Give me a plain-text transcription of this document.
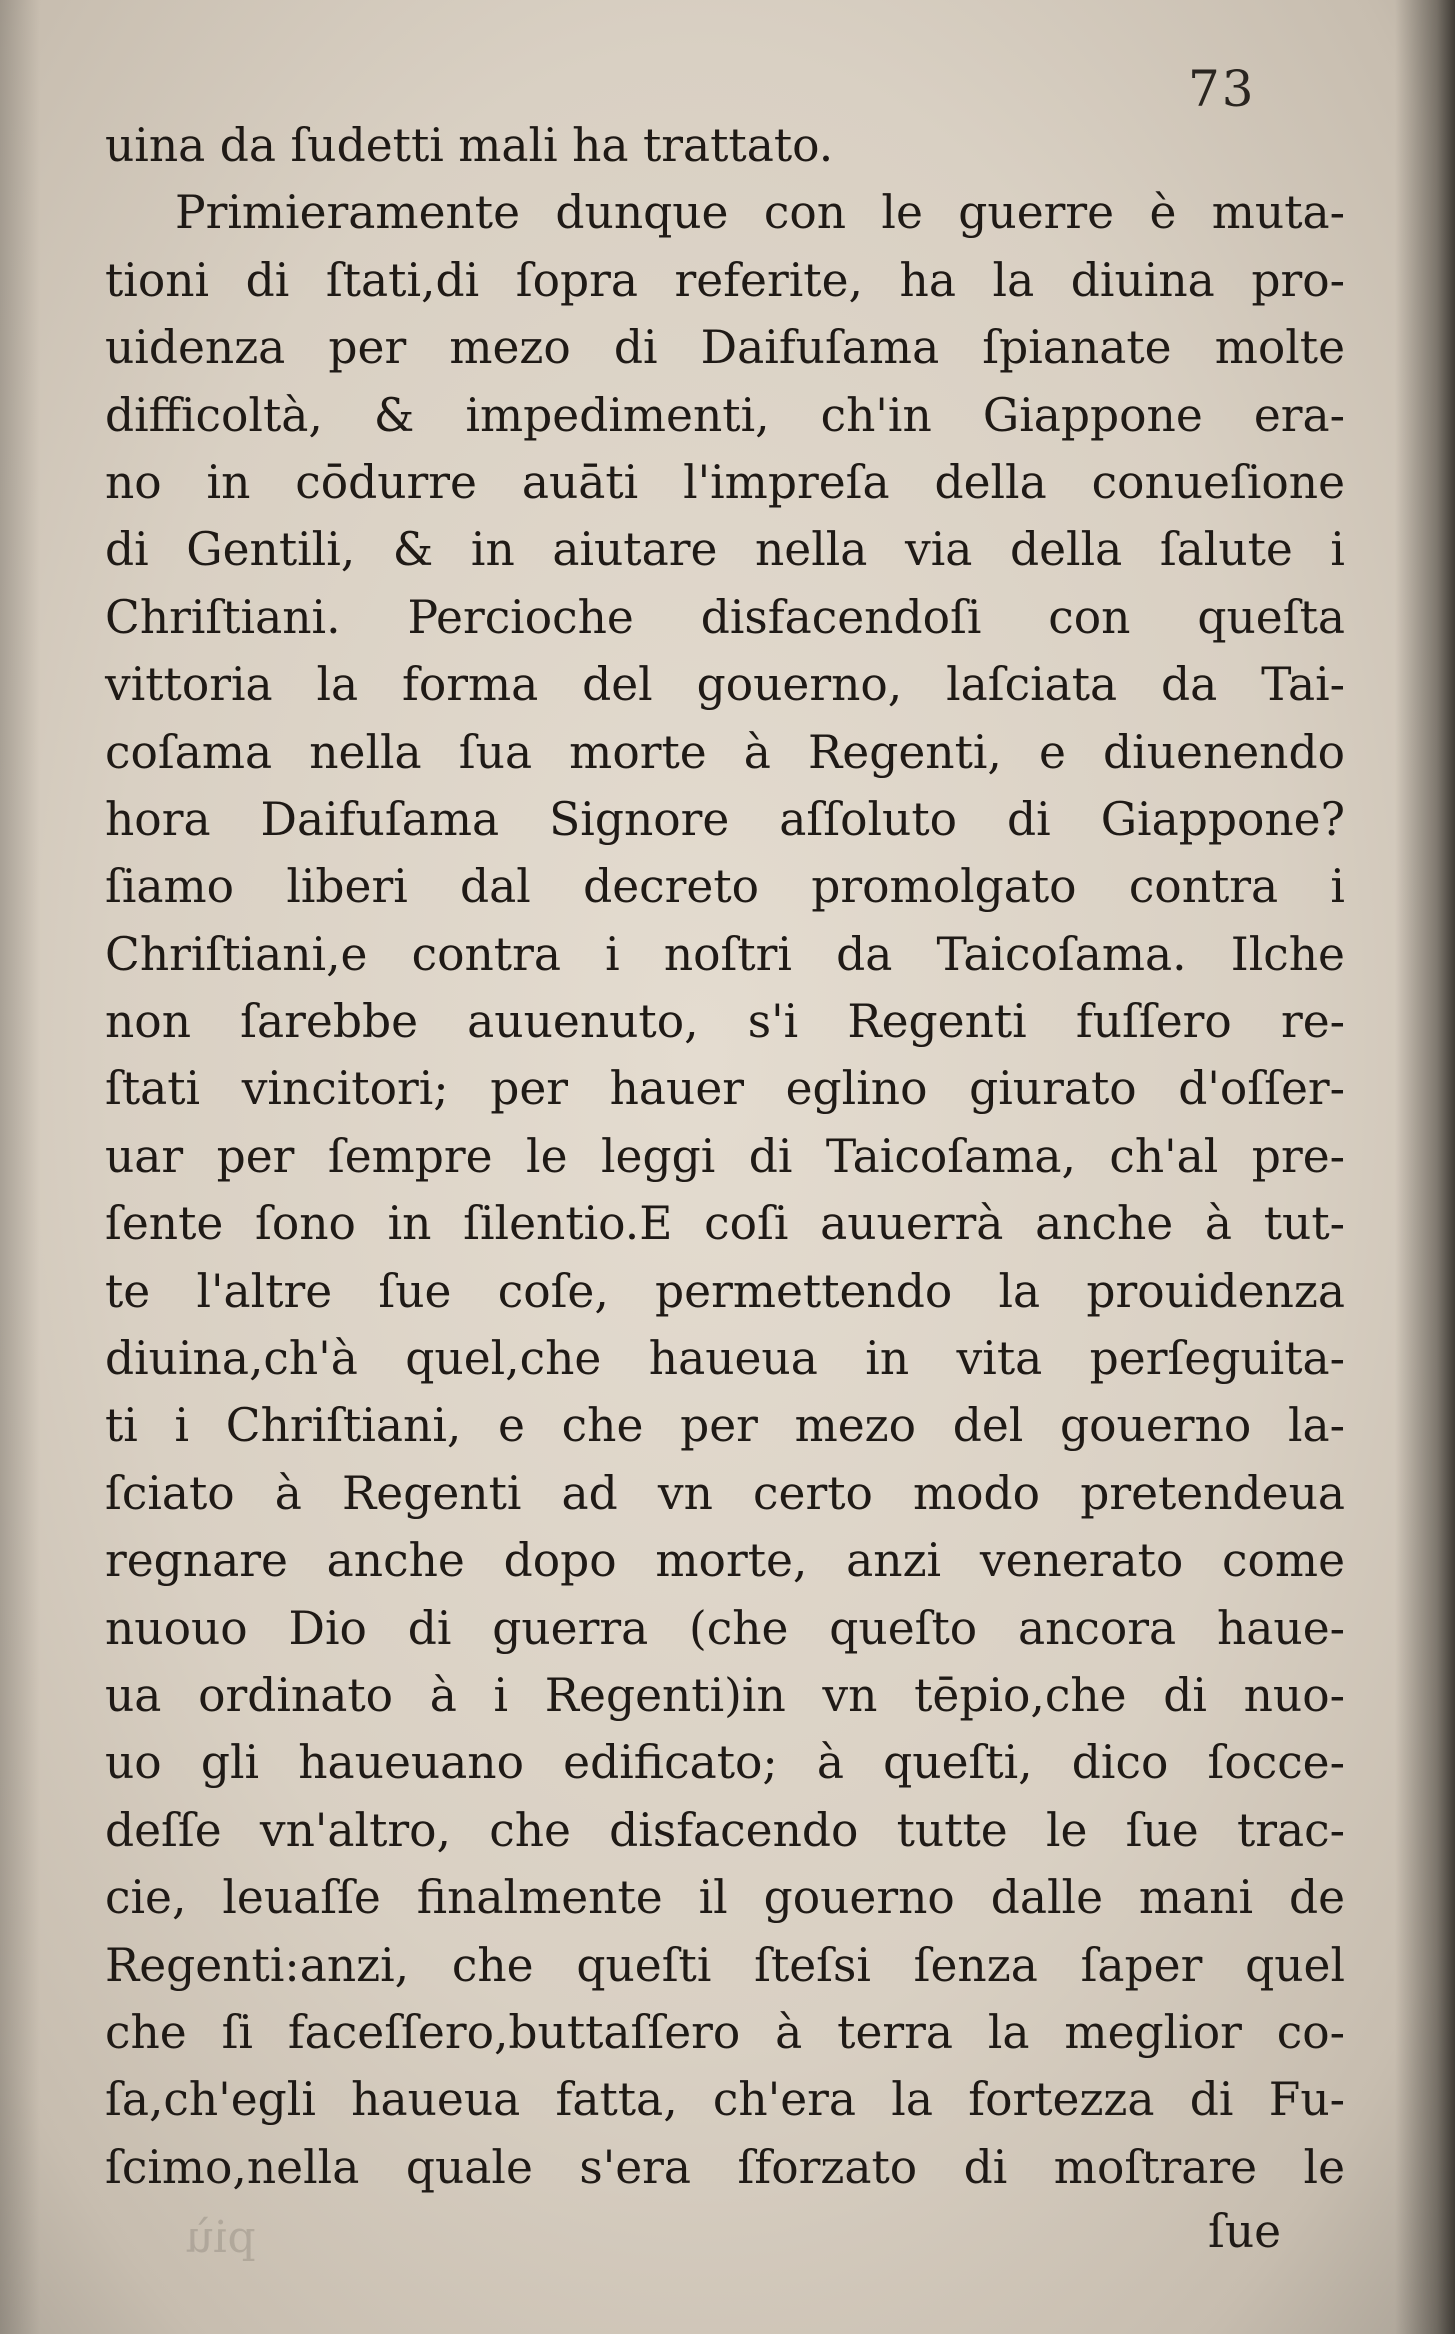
73
uina da ſudetti mali ha trattato.
Primieramente dunque con le guerre è muta-
tioni di ſtati,di ſopra referite, ha la diuina pro-
uidenza per mezo di Daifuſama ſpianate molte
difficoltà, & impedimenti, ch'in Giappone era-
no in cōdurre auāti l'impreſa della conueſione
di Gentili, & in aiutare nella via della ſalute i
Chriſtiani. Percioche disfacendoſi con queſta
vittoria la forma del gouerno, laſciata da Tai-
coſama nella ſua morte à Regenti, e diuenendo
hora Daifuſama Signore aſſoluto di Giappone?
ſiamo liberi dal decreto promolgato contra i
Chriſtiani,e contra i noſtri da Taicoſama. Ilche
non ſarebbe auuenuto, s'i Regenti fuſſero re-
ſtati vincitori; per hauer eglino giurato d'oſſer-
uar per ſempre le leggi di Taicoſama, ch'al pre-
ſente ſono in ſilentio.E coſi auuerrà anche à tut-
te l'altre ſue coſe, permettendo la prouidenza
diuina,ch'à quel,che haueua in vita perſeguita-
ti i Chriſtiani, e che per mezo del gouerno la-
ſciato à Regenti ad vn certo modo pretendeua
regnare anche dopo morte, anzi venerato come
nuouo Dio di guerra (che queſto ancora haue-
ua ordinato à i Regenti)in vn tēpio,che di nuo-
uo gli haueuano edificato; à queſti, dico ſocce-
deſſe vn'altro, che disfacendo tutte le ſue trac-
cie, leuaſſe finalmente il gouerno dalle mani de
Regenti:anzi, che queſti ſteſsi ſenza ſaper quel
che ſi faceſſero,buttaſſero à terra la meglior co-
ſa,ch'egli haueua fatta, ch'era la fortezza di Fu-
ſcimo,nella quale s'era ſforzato di moſtrare le
più	ſue
